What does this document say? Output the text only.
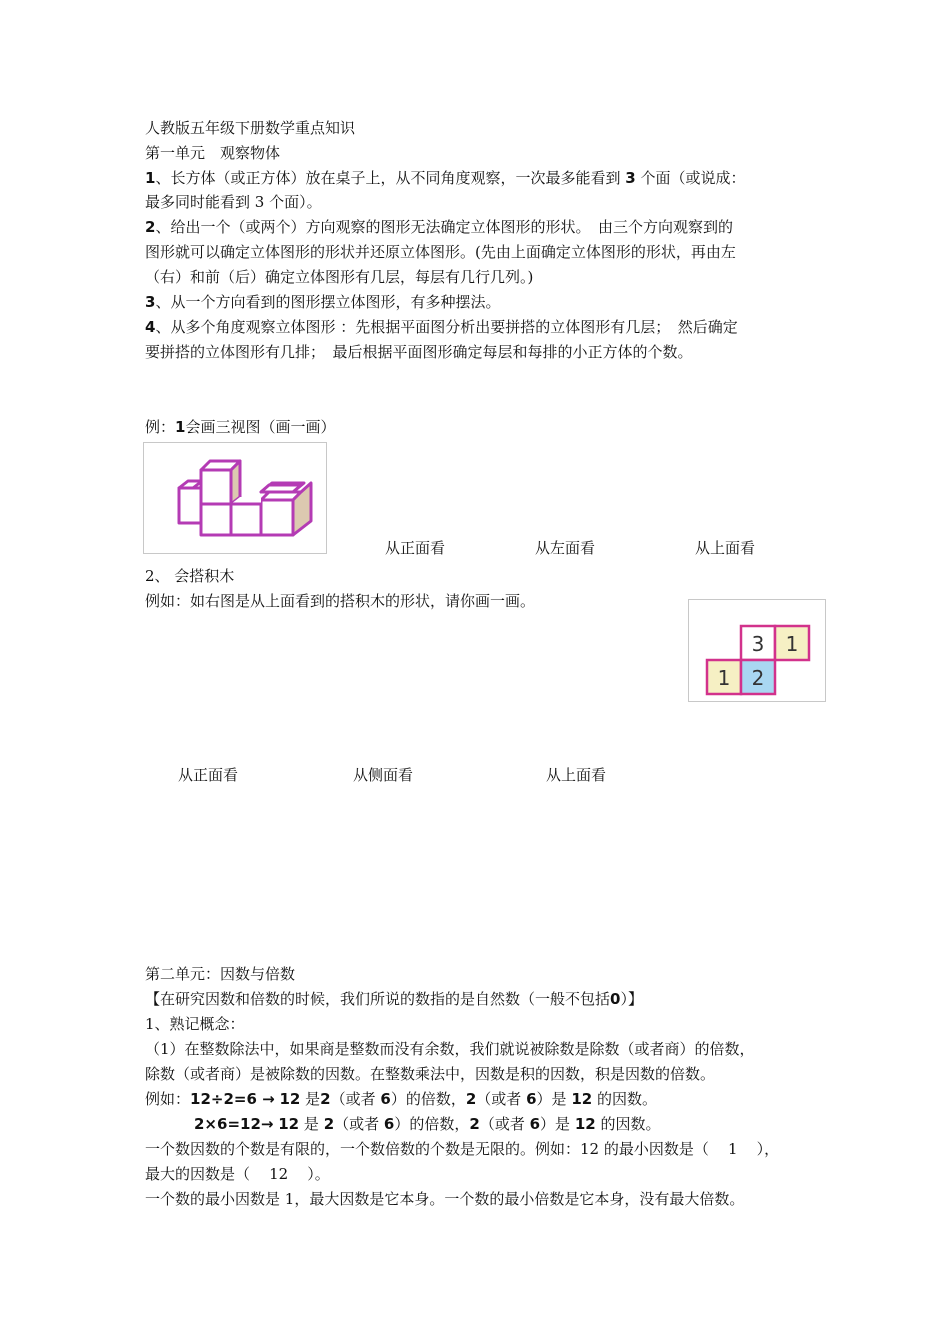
人教版五年级下册数学重点知识
第一单元　观察物体
1、长方体（或正方体）放在桌子上，从不同角度观察，一次最多能看到 3 个面（或说成：
最多同时能看到 3 个面）。
2、给出一个（或两个）方向观察的图形无法确定立体图形的形状。　由三个方向观察到的
图形就可以确定立体图形的形状并还原立体图形。(先由上面确定立体图形的形状，再由左
（右）和前（后）确定立体图形有几层，每层有几行几列。)
3、从一个方向看到的图形摆立体图形，有多种摆法。
4、从多个角度观察立体图形 ：先根据平面图分析出要拼搭的立体图形有几层；　然后确定
要拼搭的立体图形有几排；　最后根据平面图形确定每层和每排的小正方体的个数。
例：1会画三视图（画一画）
从正面看	从左面看	从上面看
2、 会搭积木
例如：如右图是从上面看到的搭积木的形状，请你画一画。
3 1
1 2
从正面看	从侧面看	从上面看
第二单元：因数与倍数
【在研究因数和倍数的时候，我们所说的数指的是自然数（一般不包括0）】
1、熟记概念：
（1）在整数除法中，如果商是整数而没有余数，我们就说被除数是除数（或者商）的倍数，
除数（或者商）是被除数的因数。在整数乘法中，因数是积的因数，积是因数的倍数。
例如：12÷2=6 → 12 是2（或者 6）的倍数，2（或者 6）是 12 的因数。
2×6=12→ 12 是 2（或者 6）的倍数，2（或者 6）是 12 的因数。
一个数因数的个数是有限的，一个数倍数的个数是无限的。例如：12 的最小因数是（ 1 ），
最大的因数是（ 12 ）。
一个数的最小因数是 1，最大因数是它本身。一个数的最小倍数是它本身，没有最大倍数。
